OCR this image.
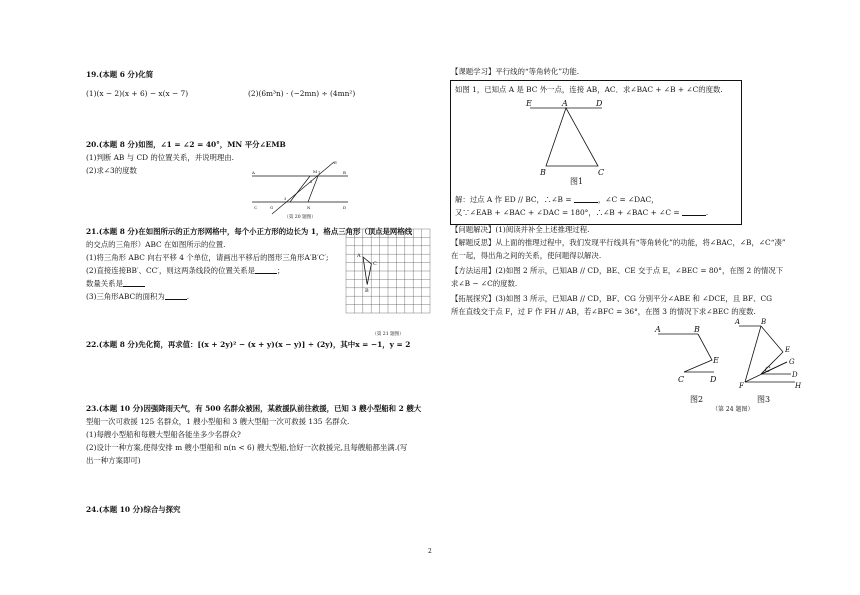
19.(本题 6 分)化简
(1)(x − 2)(x + 6) − x(x − 7)	(2)(6m³n) · (−2mn) ÷ (4mn²)
20.(本题 8 分)如图，∠1 = ∠2 = 40°，MN 平分∠EMB
(1)判断 AB 与 CD 的位置关系，并说明理由.
(2)求∠3的度数	A	B
C	D
E
M
N
G
1
2
3
（第 20 题图）
21.(本题 8 分)在如图所示的正方形网格中，每个小正方形的边长为 1，格点三角形（顶点是网格线
的交点的三角形）ABC 在如图所示的位置.
(1)将三角形 ABC 向右平移 4 个单位，请画出平移后的图形三角形A′B′C′;
(2)直接连接BB′、CC′，则这两条线段的位置关系是	；
数量关系是
(3)三角形ABC的面积为	.
A
B
C
（第 21 题图）
22.(本题 8 分)先化简，再求值：[(x + 2y)² − (x + y)(x − y)] ÷ (2y)，其中x = −1，y = 2
23.(本题 10 分)因强降雨天气，有 500 名群众被困，某救援队前往救援，已知 3 艘小型船和 2 艘大
型船一次可救援 125 名群众，1 艘小型船和 3 艘大型船一次可救援 135 名群众.
(1)每艘小型船和每艘大型船各能坐多少名群众?
(2)设计一种方案,使得安排 m 艘小型船和 n(n < 6) 艘大型船,恰好一次救援完,且每艘船都坐满.(写
出一种方案即可)
24.(本题 10 分)综合与探究
【课题学习】平行线的“等角转化”功能.
如图 1，已知点 A 是 BC 外一点，连接 AB，AC．求∠BAC + ∠B + ∠C的度数.
E	A	D
B	C
图1
解：过点 A 作 ED // BC，∴∠B =	，∠C = ∠DAC，
又∵∠EAB + ∠BAC + ∠DAC = 180°，∴∠B + ∠BAC + ∠C =	.
【问题解决】(1)阅读并补全上述推理过程.
【解题反思】从上面的推理过程中，我们发现平行线具有“等角转化”的功能，将∠BAC，∠B，∠C“凑”
在一起，得出角之间的关系，使问题得以解决.
【方法运用】(2)如图 2 所示，已知AB // CD，BE、CE 交于点 E，∠BEC = 80°，在图 2 的情况下
求∠B − ∠C的度数.
【拓展探究】(3)如图 3 所示，已知AB // CD，BF、CG 分别平分∠ABE 和 ∠DCE，且 BF、CG
所在直线交于点 F，过 F 作 FH // AB，若∠BFC = 36°，在图 3 的情况下求∠BEC 的度数.
A	B
E
C	D
图2
A	B
E
G
C
D
F	H
图3
（第 24 题图）
2
